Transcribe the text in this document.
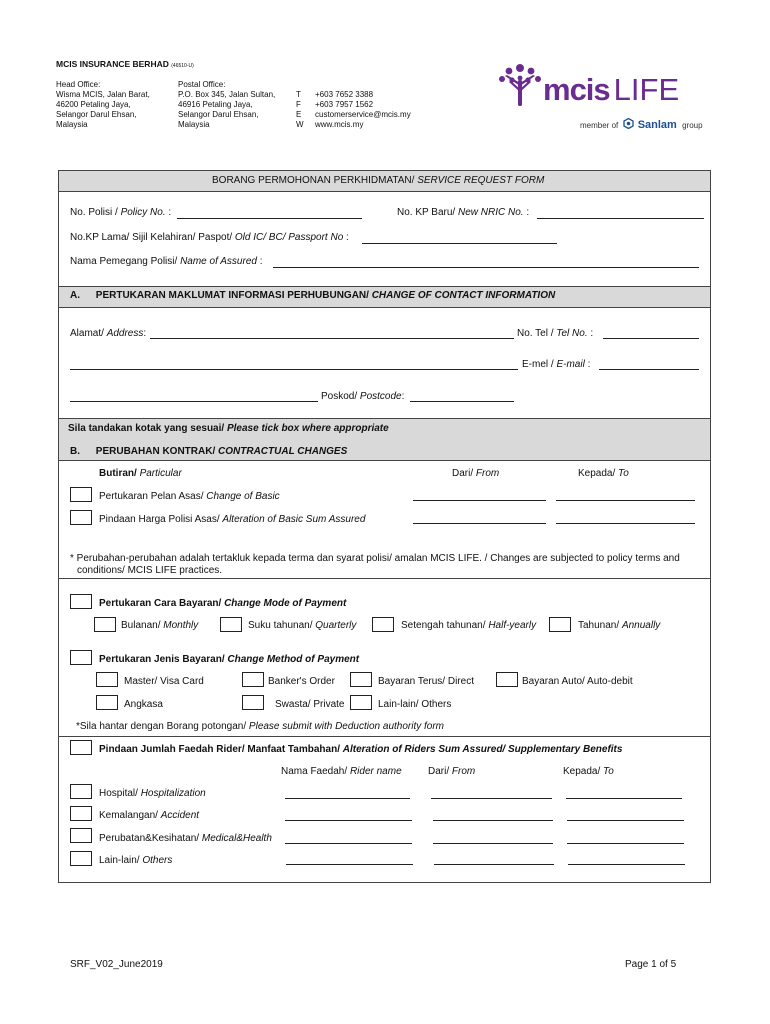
MCIS INSURANCE BERHAD (46510-U)
Head Office:
Wisma MCIS, Jalan Barat,
46200 Petaling Jaya,
Selangor Darul Ehsan,
Malaysia
Postal Office:
P.O. Box 345, Jalan Sultan,
46916 Petaling Jaya,
Selangor Darul Ehsan,
Malaysia
T
F
E
W
+603 7652 3388
+603 7957 1562
customerservice@mcis.my
www.mcis.my
mcis LIFE
member of Sanlam group
BORANG PERMOHONAN PERKHIDMATAN/ SERVICE REQUEST FORM
No. Polisi / Policy No. :	No. KP Baru/ New NRIC No. :
No.KP Lama/ Sijil Kelahiran/ Paspot/ Old IC/ BC/ Passport No :
Nama Pemegang Polisi/ Name of Assured :
A. PERTUKARAN MAKLUMAT INFORMASI PERHUBUNGAN/ CHANGE OF CONTACT INFORMATION
Alamat/ Address:	No. Tel / Tel No. :
E-mel / E-mail :
Poskod/ Postcode:
Sila tandakan kotak yang sesuai/ Please tick box where appropriate
B. PERUBAHAN KONTRAK/ CONTRACTUAL CHANGES
Butiran/ Particular	Dari/ From	Kepada/ To
Pertukaran Pelan Asas/ Change of Basic
Pindaan Harga Polisi Asas/ Alteration of Basic Sum Assured
* Perubahan-perubahan adalah tertakluk kepada terma dan syarat polisi/ amalan MCIS LIFE. / Changes are subjected to policy terms and
conditions/ MCIS LIFE practices.
Pertukaran Cara Bayaran/ Change Mode of Payment
Bulanan/ Monthly	Suku tahunan/ Quarterly	Setengah tahunan/ Half-yearly	Tahunan/ Annually
Pertukaran Jenis Bayaran/ Change Method of Payment
Master/ Visa Card	Banker's Order	Bayaran Terus/ Direct	Bayaran Auto/ Auto-debit
Angkasa	Swasta/ Private	Lain-lain/ Others
*Sila hantar dengan Borang potongan/ Please submit with Deduction authority form
Pindaan Jumlah Faedah Rider/ Manfaat Tambahan/ Alteration of Riders Sum Assured/ Supplementary Benefits
Nama Faedah/ Rider name	Dari/ From	Kepada/ To
Hospital/ Hospitalization
Kemalangan/ Accident
Perubatan&Kesihatan/ Medical&Health
Lain-lain/ Others
SRF_V02_June2019	Page 1 of 5
